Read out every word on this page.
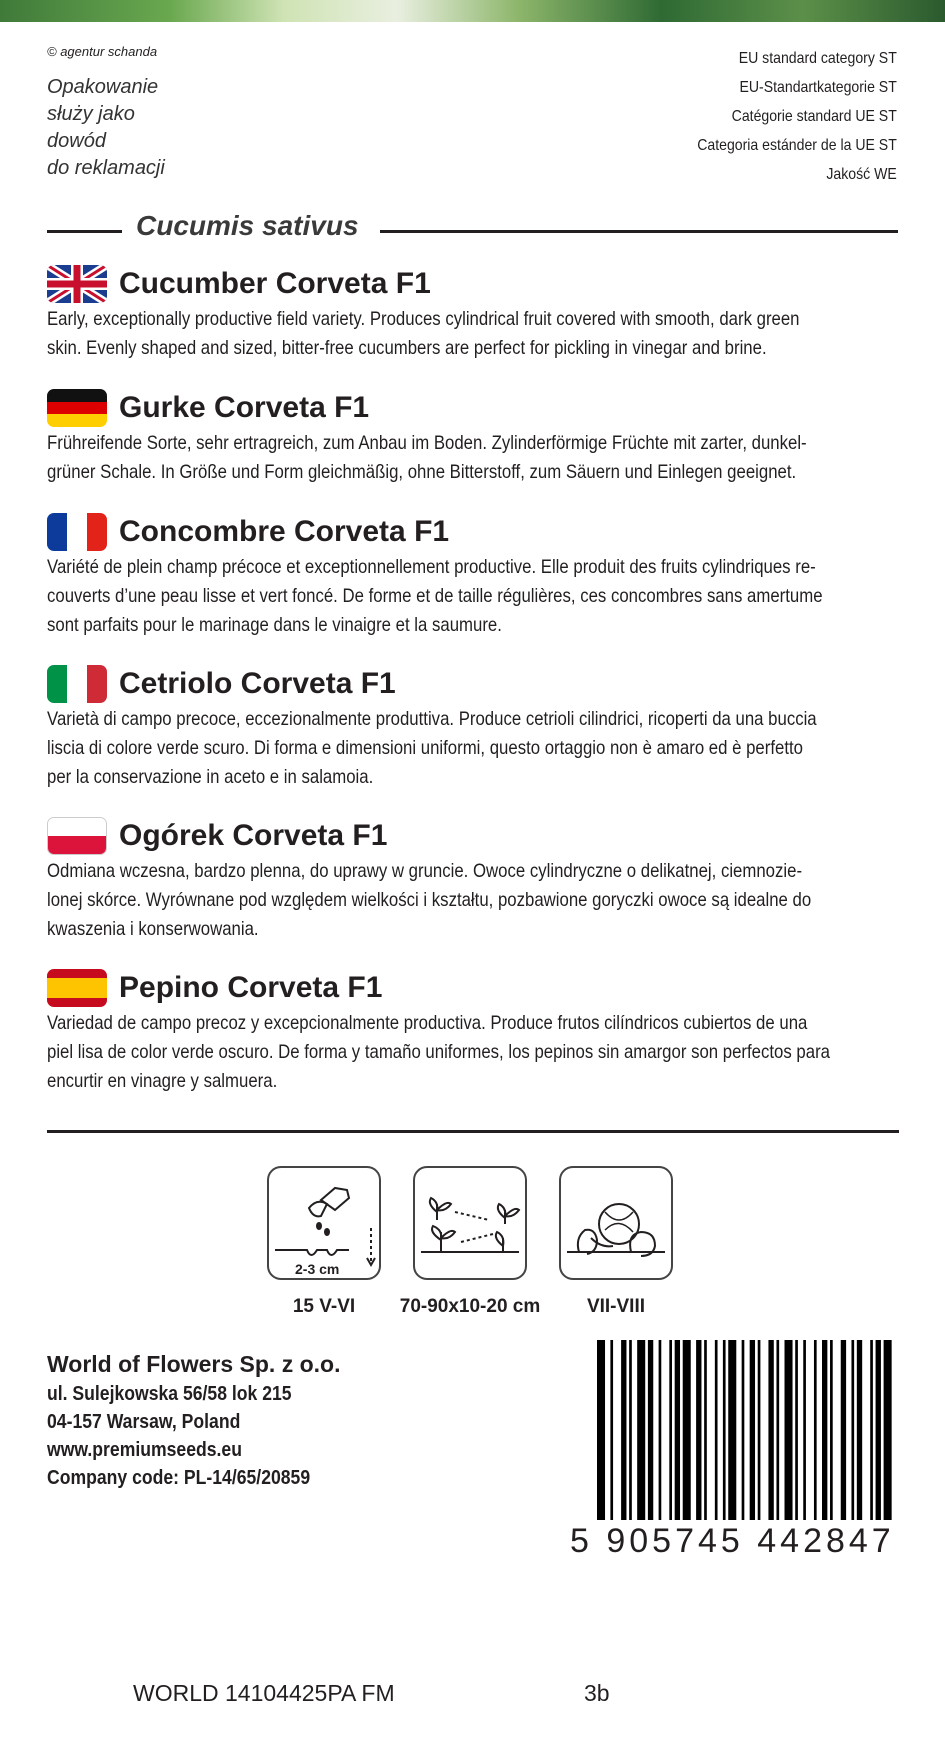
© agentur schanda
Opakowanie
służy jako
dowód
do reklamacji
EU standard category ST
EU-Standartkategorie ST
Catégorie standard UE ST
Categoria estánder de la UE ST
Jakość WE
Cucumis sativus
Cucumber Corveta F1
Early, exceptionally productive field variety. Produces cylindrical fruit covered with smooth, dark green
skin. Evenly shaped and sized, bitter-free cucumbers are perfect for pickling in vinegar and brine.
Gurke Corveta F1
Frühreifende Sorte, sehr ertragreich, zum Anbau im Boden. Zylinderförmige Früchte mit zarter, dunkel-
grüner Schale. In Größe und Form gleichmäßig, ohne Bitterstoff, zum Säuern und Einlegen geeignet.
Concombre Corveta F1
Variété de plein champ précoce et exceptionnellement productive. Elle produit des fruits cylindriques re-
couverts d’une peau lisse et vert foncé. De forme et de taille régulières, ces concombres sans amertume
sont parfaits pour le marinage dans le vinaigre et la saumure.
Cetriolo Corveta F1
Varietà di campo precoce, eccezionalmente produttiva. Produce cetrioli cilindrici, ricoperti da una buccia
liscia di colore verde scuro. Di forma e dimensioni uniformi, questo ortaggio non è amaro ed è perfetto
per la conservazione in aceto e in salamoia.
Ogórek Corveta F1
Odmiana wczesna, bardzo plenna, do uprawy w gruncie. Owoce cylindryczne o delikatnej, ciemnozie-
lonej skórce. Wyrównane pod względem wielkości i kształtu, pozbawione goryczki owoce są idealne do
kwaszenia i konserwowania.
Pepino Corveta F1
Variedad de campo precoz y excepcionalmente productiva. Produce frutos cilíndricos cubiertos de una
piel lisa de color verde oscuro. De forma y tamaño uniformes, los pepinos sin amargor son perfectos para
encurtir en vinagre y salmuera.
2-3 cm
15 V-VI	70-90x10-20 cm	VII-VIII
World of Flowers Sp. z o.o.
ul. Sulejkowska 56/58 lok 215
04-157 Warsaw, Poland
www.premiumseeds.eu
Company code: PL-14/65/20859
5 905745 442847
WORLD 14104425PA FM	3b
